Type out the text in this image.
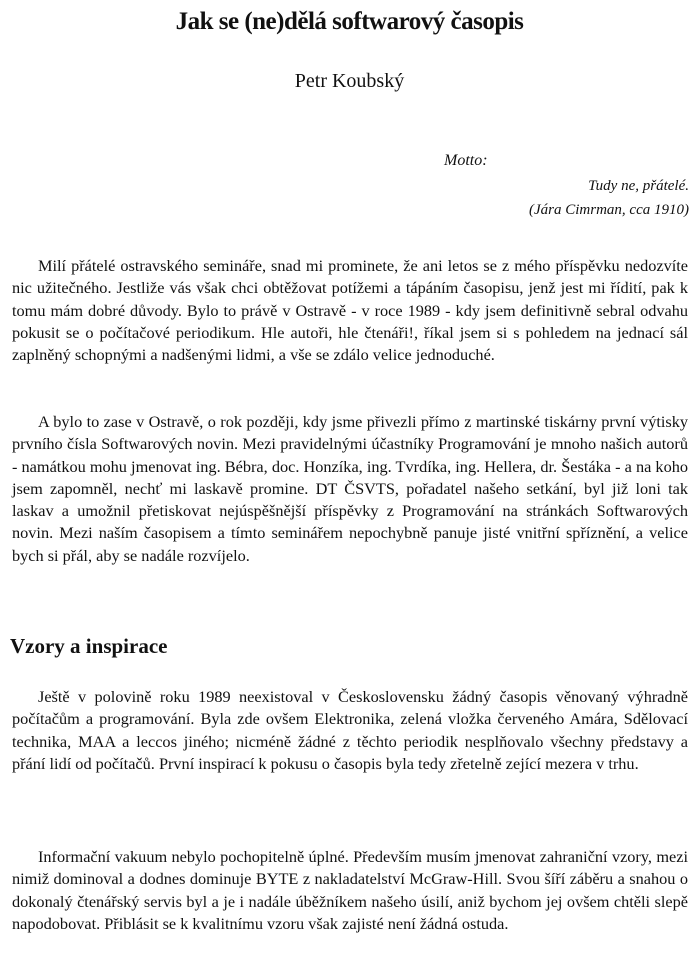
Jak se (ne)dělá softwarový časopis
Petr Koubský
Motto:
Tudy ne, přátelé.
(Jára Cimrman, cca 1910)
Milí přátelé ostravského semináře, snad mi prominete, že ani letos se z mého příspěvku nedozvíte nic užitečného. Jestliže vás však chci obtěžovat potížemi a tápáním časopisu, jenž jest mi řídití, pak k tomu mám dobré důvody. Bylo to právě v Ostravě - v roce 1989 - kdy jsem definitivně sebral odvahu pokusit se o počítačové periodikum. Hle autoři, hle čtenáři!, říkal jsem si s pohledem na jednací sál zaplněný schopnými a nadšenými lidmi, a vše se zdálo velice jednoduché.
A bylo to zase v Ostravě, o rok později, kdy jsme přivezli přímo z martinské tiskárny první výtisky prvního čísla Softwarových novin. Mezi pravidelnými účastníky Programování je mnoho našich autorů - namátkou mohu jmenovat ing. Bébra, doc. Honzíka, ing. Tvrdíka, ing. Hellera, dr. Šestáka - a na koho jsem zapomněl, nechť mi laskavě promine. DT ČSVTS, pořadatel našeho setkání, byl již loni tak laskav a umožnil přetiskovat nejúspěšnější příspěvky z Programování na stránkách Softwarových novin. Mezi naším časopisem a tímto seminářem nepochybně panuje jisté vnitřní spříznění, a velice bych si přál, aby se nadále rozvíjelo.
Vzory a inspirace
Ještě v polovině roku 1989 neexistoval v Československu žádný časopis věnovaný výhradně počítačům a programování. Byla zde ovšem Elektronika, zelená vložka červeného Amára, Sdělovací technika, MAA a leccos jiného; nicméně žádné z těchto periodik nesplňovalo všechny představy a přání lidí od počítačů. První inspirací k pokusu o časopis byla tedy zřetelně zející mezera v trhu.
Informační vakuum nebylo pochopitelně úplné. Především musím jmenovat zahraniční vzory, mezi nimiž dominoval a dodnes dominuje BYTE z nakladatelství McGraw-Hill. Svou šíří záběru a snahou o dokonalý čtenářský servis byl a je i nadále úběžníkem našeho úsilí, aniž bychom jej ovšem chtěli slepě napodobovat. Přiblásit se k kvalitnímu vzoru však zajisté není žádná ostuda.
